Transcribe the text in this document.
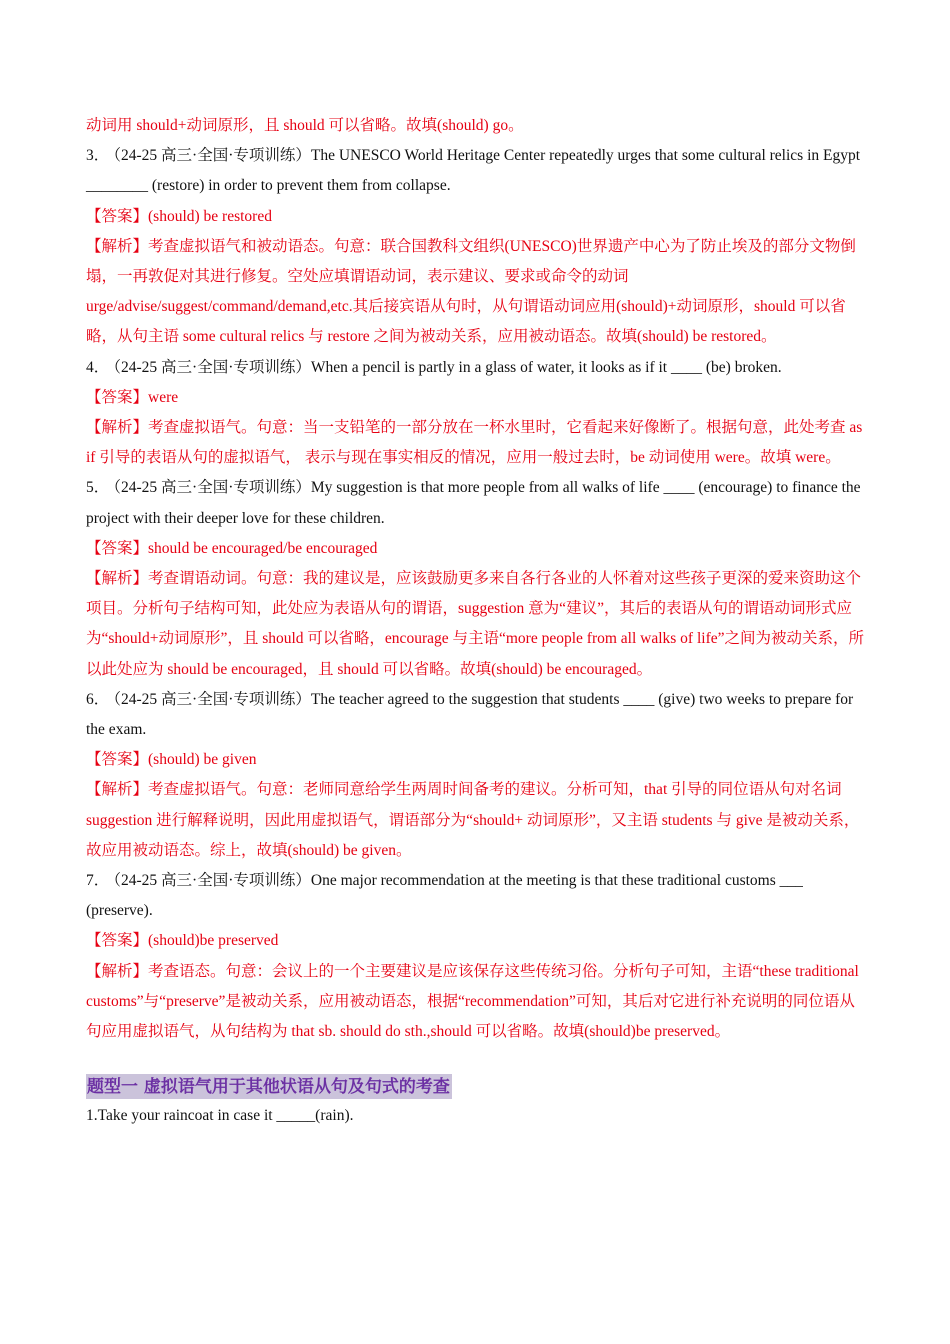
动词用 should+动词原形，且 should 可以省略。故填(should) go。

3． （24-25 高三·全国·专项训练）The UNESCO World Heritage Center repeatedly urges that some cultural relics in Egypt ________ (restore) in order to prevent them from collapse.

【答案】(should) be restored

【解析】考查虚拟语气和被动语态。句意：联合国教科文组织(UNESCO)世界遗产中心为了防止埃及的部分文物倒塌，一再敦促对其进行修复。空处应填谓语动词，表示建议、要求或命令的动词 urge/advise/suggest/command/demand,etc.其后接宾语从句时，从句谓语动词应用(should)+动词原形，should 可以省略，从句主语 some cultural relics 与 restore 之间为被动关系，应用被动语态。故填(should) be restored。

4． （24-25 高三·全国·专项训练）When a pencil is partly in a glass of water, it looks as if it ____ (be) broken.

【答案】were

【解析】考查虚拟语气。句意：当一支铅笔的一部分放在一杯水里时，它看起来好像断了。根据句意，此处考查 as if 引导的表语从句的虚拟语气， 表示与现在事实相反的情况，应用一般过去时，be 动词使用 were。故填 were。

5． （24-25 高三·全国·专项训练）My suggestion is that more people from all walks of life ____ (encourage) to finance the project with their deeper love for these children.

【答案】should be encouraged/be encouraged

【解析】考查谓语动词。句意：我的建议是，应该鼓励更多来自各行各业的人怀着对这些孩子更深的爱来资助这个项目。分析句子结构可知，此处应为表语从句的谓语，suggestion 意为“建议”，其后的表语从句的谓语动词形式应为“should+动词原形”，且 should 可以省略，encourage 与主语“more people from all walks of life”之间为被动关系，所以此处应为 should be encouraged，且 should 可以省略。故填(should) be encouraged。

6． （24-25 高三·全国·专项训练）The teacher agreed to the suggestion that students ____ (give) two weeks to prepare for the exam.

【答案】(should) be given

【解析】考查虚拟语气。句意：老师同意给学生两周时间备考的建议。分析可知，that 引导的同位语从句对名词 suggestion 进行解释说明，因此用虚拟语气，谓语部分为“should+ 动词原形”，又主语 students 与 give 是被动关系，故应用被动语态。综上，故填(should) be given。

7． （24-25 高三·全国·专项训练）One major recommendation at the meeting is that these traditional customs ___ (preserve).

【答案】(should)be preserved

【解析】考查语态。句意：会议上的一个主要建议是应该保存这些传统习俗。分析句子可知，主语“these traditional customs”与“preserve”是被动关系，应用被动语态，根据“recommendation”可知，其后对它进行补充说明的同位语从句应用虚拟语气，从句结构为 that sb. should do sth.,should 可以省略。故填(should)be preserved。

题型一 虚拟语气用于其他状语从句及句式的考查

1.Take your raincoat in case it _____(rain).
